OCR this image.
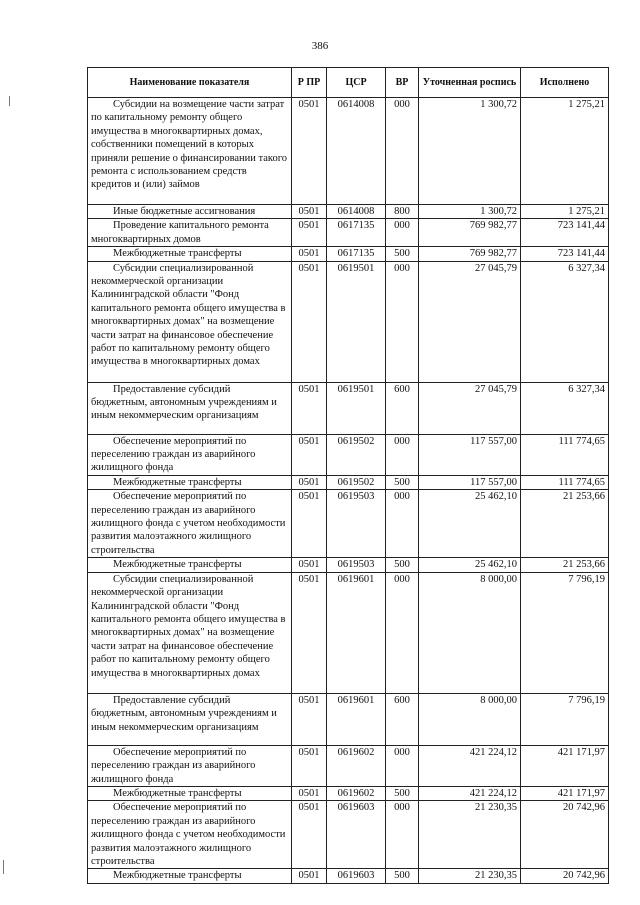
386
Наименование показателя	Р ПР	ЦСР	ВР	Уточненная роспись	Исполнено
Субсидии на возмещение части затрат по капитальному ремонту общего имущества в многоквартирных домах, собственники помещений в которых приняли решение о финансировании такого ремонта с использованием средств кредитов и (или) займов	0501	0614008	000	1 300,72	1 275,21
Иные бюджетные ассигнования	0501	0614008	800	1 300,72	1 275,21
Проведение капитального ремонта многоквартирных домов	0501	0617135	000	769 982,77	723 141,44
Межбюджетные трансферты	0501	0617135	500	769 982,77	723 141,44
Субсидии специализированной некоммерческой организации Калининградской области "Фонд капитального ремонта общего имущества в многоквартирных домах" на возмещение части затрат на финансовое обеспечение работ по капитальному ремонту общего имущества в многоквартирных домах	0501	0619501	000	27 045,79	6 327,34
Предоставление субсидий бюджетным, автономным учреждениям и иным некоммерческим организациям	0501	0619501	600	27 045,79	6 327,34
Обеспечение мероприятий по переселению граждан из аварийного жилищного фонда	0501	0619502	000	117 557,00	111 774,65
Межбюджетные трансферты	0501	0619502	500	117 557,00	111 774,65
Обеспечение мероприятий по переселению граждан из аварийного жилищного фонда с учетом необходимости развития малоэтажного жилищного строительства	0501	0619503	000	25 462,10	21 253,66
Межбюджетные трансферты	0501	0619503	500	25 462,10	21 253,66
Субсидии специализированной некоммерческой организации Калининградской области "Фонд капитального ремонта общего имущества в многоквартирных домах" на возмещение части затрат на финансовое обеспечение работ по капитальному ремонту общего имущества в многоквартирных домах	0501	0619601	000	8 000,00	7 796,19
Предоставление субсидий бюджетным, автономным учреждениям и иным некоммерческим организациям	0501	0619601	600	8 000,00	7 796,19
Обеспечение мероприятий по переселению граждан из аварийного жилищного фонда	0501	0619602	000	421 224,12	421 171,97
Межбюджетные трансферты	0501	0619602	500	421 224,12	421 171,97
Обеспечение мероприятий по переселению граждан из аварийного жилищного фонда с учетом необходимости развития малоэтажного жилищного строительства	0501	0619603	000	21 230,35	20 742,96
Межбюджетные трансферты	0501	0619603	500	21 230,35	20 742,96
